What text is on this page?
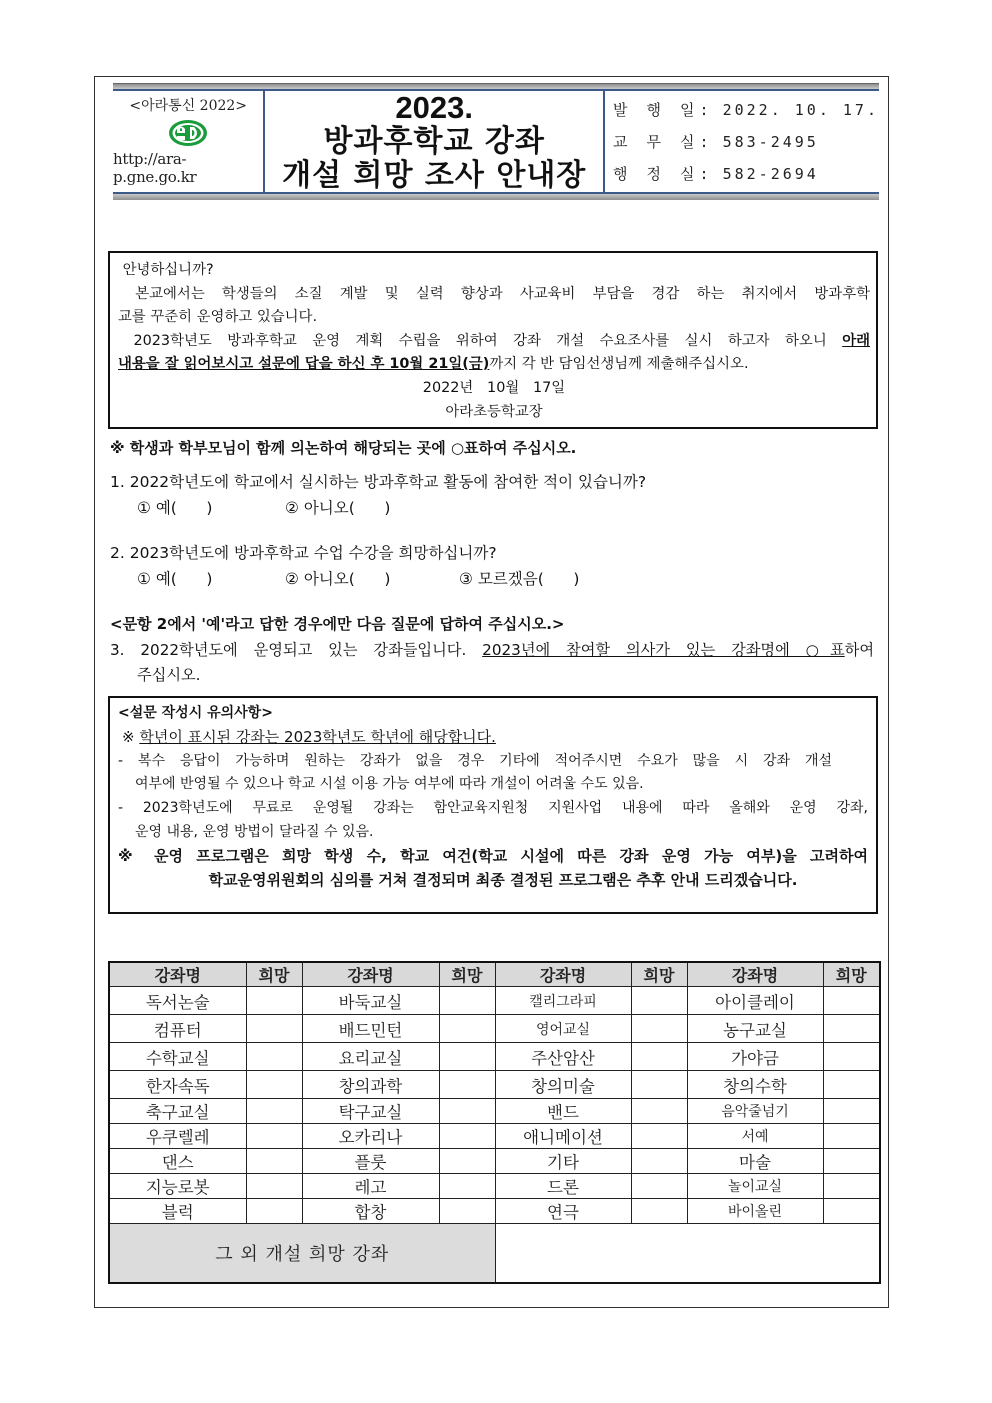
<아라통신 2022>
http://ara-p.gne.go.kr
2023.
방과후학교 강좌
개설 희망 조사 안내장
발 행 일: 2022. 10. 17.
교 무 실: 583-2495
행 정 실: 582-2694

안녕하십니까?

본교에서는 학생들의 소질 계발 및 실력 향상과 사교육비 부담을 경감 하는 취지에서 방과후학

교를 꾸준히 운영하고 있습니다.

2023학년도 방과후학교 운영 계획 수립을 위하여 강좌 개설 수요조사를 실시 하고자 하오니 아래

내용을 잘 읽어보시고 설문에 답을 하신 후 10월 21일(금)까지 각 반 담임선생님께 제출해주십시오.

2022년   10월   17일

아라초등학교장

※ 학생과 학부모님이 함께 의논하여 해당되는 곳에 ○표하여 주십시오.
1. 2022학년도에 학교에서 실시하는 방과후학교 활동에 참여한 적이 있습니까?
① 예(      )	② 아니오(      )
2. 2023학년도에 방과후학교 수업 수강을 희망하십니까?
① 예(      )	② 아니오(      )	③ 모르겠음(      )
<문항 2에서 '예'라고 답한 경우에만 다음 질문에 답하여 주십시오.>
3. 2022학년도에 운영되고 있는 강좌들입니다. 2023년에 참여할 의사가 있는 강좌명에 ○표하여
주십시오.
<설문 작성시 유의사항>
※ 학년이 표시된 강좌는 2023학년도 학년에 해당합니다.
- 복수 응답이 가능하며 원하는 강좌가 없을 경우 기타에 적어주시면 수요가 많을 시 강좌 개설
여부에 반영될 수 있으나 학교 시설 이용 가능 여부에 따라 개설이 어려울 수도 있음.
- 2023학년도에 무료로 운영될 강좌는 함안교육지원청 지원사업 내용에 따라 올해와 운영 강좌,
운영 내용, 운영 방법이 달라질 수 있음.
※ 운영 프로그램은 희망 학생 수, 학교 여건(학교 시설에 따른 강좌 운영 가능 여부)을 고려하여
학교운영위원회의 심의를 거쳐 결정되며 최종 결정된 프로그램은 추후 안내 드리겠습니다.
강좌명	희망	강좌명	희망	강좌명	희망	강좌명	희망
독서논술		바둑교실		캘리그라피		아이클레이	
컴퓨터		배드민턴		영어교실		농구교실	
수학교실		요리교실		주산암산		가야금	
한자속독		창의과학		창의미술		창의수학	
축구교실		탁구교실		밴드		음악줄넘기	
우쿠렐레		오카리나		애니메이션		서예	
댄스		플룻		기타		마술	
지능로봇		레고		드론		놀이교실	
블럭		합창		연극		바이올린	
그 외 개설 희망 강좌							
